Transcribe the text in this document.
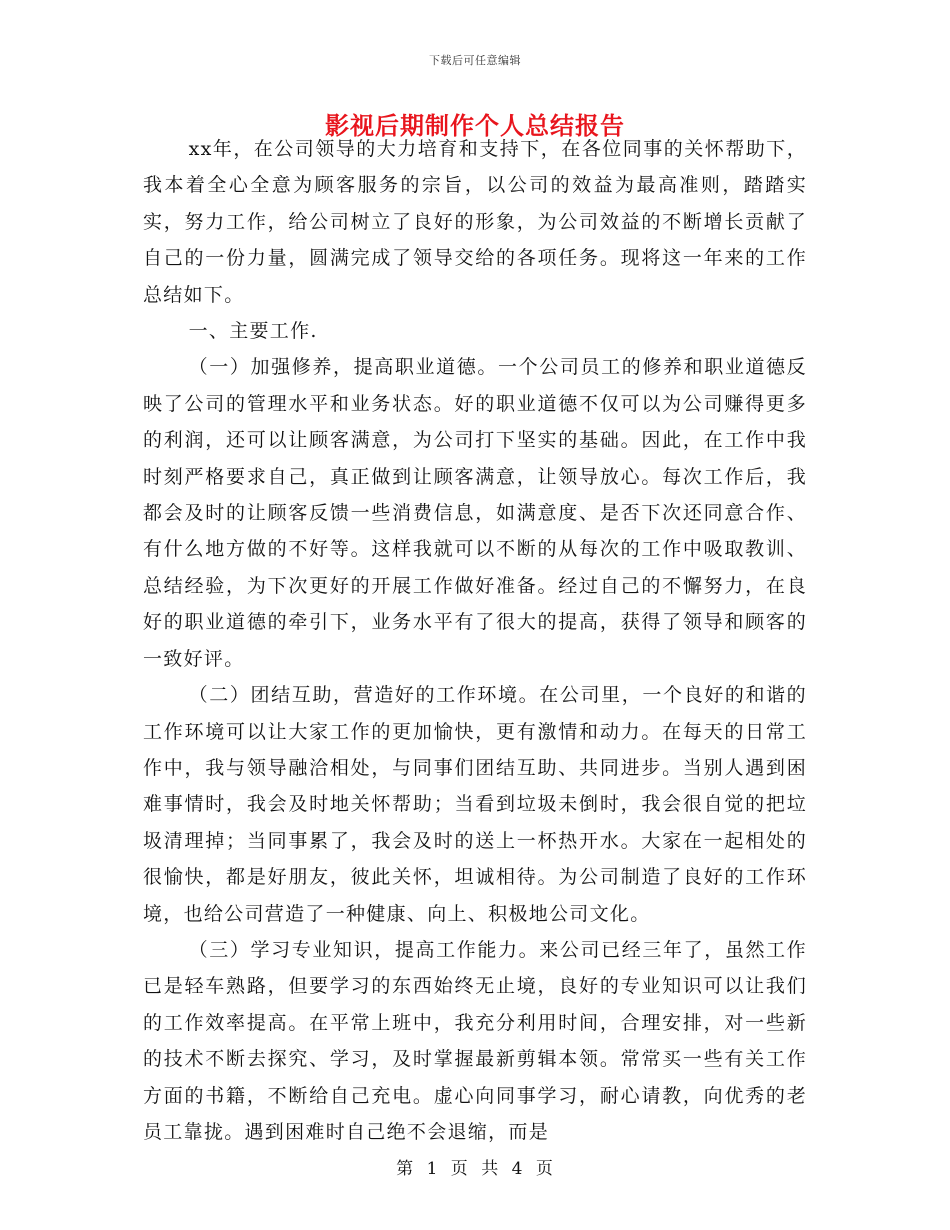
下载后可任意编辑
影视后期制作个人总结报告

xx年，在公司领导的大力培育和支持下，在各位同事的关怀帮助下，我本着全心全意为顾客服务的宗旨，以公司的效益为最高准则，踏踏实实，努力工作，给公司树立了良好的形象，为公司效益的不断增长贡献了自己的一份力量，圆满完成了领导交给的各项任务。现将这一年来的工作总结如下。

一、主要工作.

（一）加强修养，提高职业道德。一个公司员工的修养和职业道德反映了公司的管理水平和业务状态。好的职业道德不仅可以为公司赚得更多的利润，还可以让顾客满意，为公司打下坚实的基础。因此，在工作中我时刻严格要求自己，真正做到让顾客满意，让领导放心。每次工作后，我都会及时的让顾客反馈一些消费信息，如满意度、是否下次还同意合作、有什么地方做的不好等。这样我就可以不断的从每次的工作中吸取教训、总结经验，为下次更好的开展工作做好准备。经过自己的不懈努力，在良好的职业道德的牵引下，业务水平有了很大的提高，获得了领导和顾客的一致好评。

（二）团结互助，营造好的工作环境。在公司里，一个良好的和谐的工作环境可以让大家工作的更加愉快，更有激情和动力。在每天的日常工作中，我与领导融洽相处，与同事们团结互助、共同进步。当别人遇到困难事情时，我会及时地关怀帮助；当看到垃圾未倒时，我会很自觉的把垃圾清理掉；当同事累了，我会及时的送上一杯热开水。大家在一起相处的很愉快，都是好朋友，彼此关怀，坦诚相待。为公司制造了良好的工作环境，也给公司营造了一种健康、向上、积极地公司文化。

（三）学习专业知识，提高工作能力。来公司已经三年了，虽然工作已是轻车熟路，但要学习的东西始终无止境，良好的专业知识可以让我们的工作效率提高。在平常上班中，我充分利用时间，合理安排，对一些新的技术不断去探究、学习，及时掌握最新剪辑本领。常常买一些有关工作方面的书籍，不断给自己充电。虚心向同事学习，耐心请教，向优秀的老员工靠拢。遇到困难时自己绝不会退缩，而是

第 1 页 共 4 页
